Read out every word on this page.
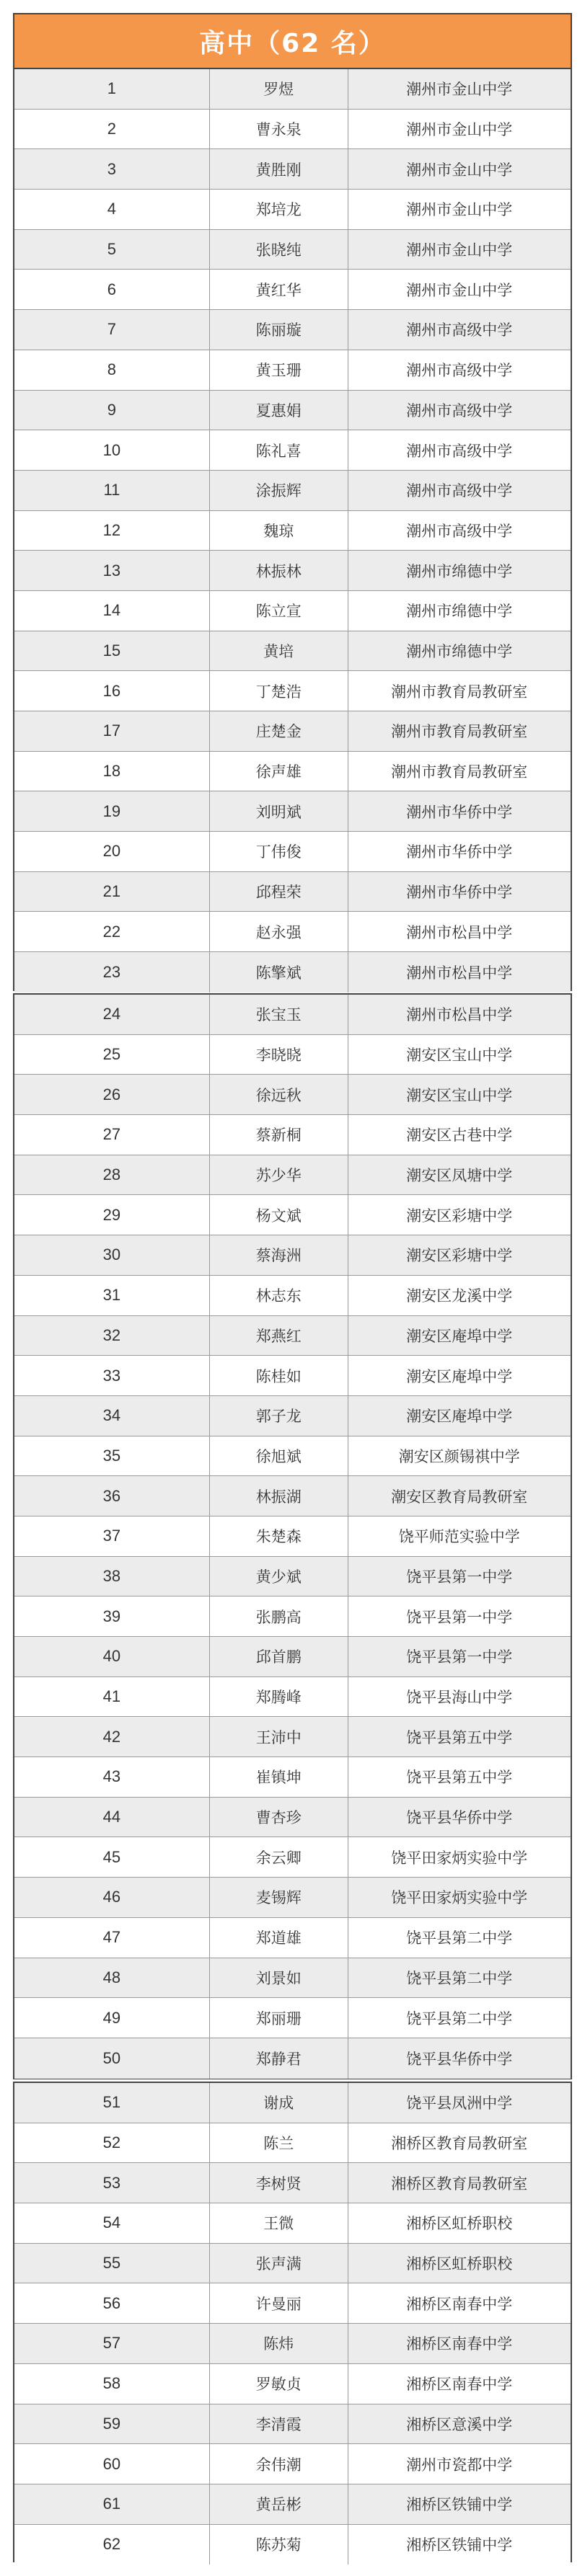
高中（62 名）
1	罗煜	潮州市金山中学
2	曹永泉	潮州市金山中学
3	黄胜刚	潮州市金山中学
4	郑培龙	潮州市金山中学
5	张晓纯	潮州市金山中学
6	黄红华	潮州市金山中学
7	陈丽璇	潮州市高级中学
8	黄玉珊	潮州市高级中学
9	夏惠娟	潮州市高级中学
10	陈礼喜	潮州市高级中学
11	涂振辉	潮州市高级中学
12	魏琼	潮州市高级中学
13	林振林	潮州市绵德中学
14	陈立宣	潮州市绵德中学
15	黄培	潮州市绵德中学
16	丁楚浩	潮州市教育局教研室
17	庄楚金	潮州市教育局教研室
18	徐声雄	潮州市教育局教研室
19	刘明斌	潮州市华侨中学
20	丁伟俊	潮州市华侨中学
21	邱程荣	潮州市华侨中学
22	赵永强	潮州市松昌中学
23	陈擎斌	潮州市松昌中学
24	张宝玉	潮州市松昌中学
25	李晓晓	潮安区宝山中学
26	徐远秋	潮安区宝山中学
27	蔡新桐	潮安区古巷中学
28	苏少华	潮安区凤塘中学
29	杨文斌	潮安区彩塘中学
30	蔡海洲	潮安区彩塘中学
31	林志东	潮安区龙溪中学
32	郑燕红	潮安区庵埠中学
33	陈桂如	潮安区庵埠中学
34	郭子龙	潮安区庵埠中学
35	徐旭斌	潮安区颜锡祺中学
36	林振湖	潮安区教育局教研室
37	朱楚森	饶平师范实验中学
38	黄少斌	饶平县第一中学
39	张鹏高	饶平县第一中学
40	邱首鹏	饶平县第一中学
41	郑腾峰	饶平县海山中学
42	王沛中	饶平县第五中学
43	崔镇坤	饶平县第五中学
44	曹杏珍	饶平县华侨中学
45	余云卿	饶平田家炳实验中学
46	麦锡辉	饶平田家炳实验中学
47	郑道雄	饶平县第二中学
48	刘景如	饶平县第二中学
49	郑丽珊	饶平县第二中学
50	郑静君	饶平县华侨中学
51	谢成	饶平县凤洲中学
52	陈兰	湘桥区教育局教研室
53	李树贤	湘桥区教育局教研室
54	王微	湘桥区虹桥职校
55	张声满	湘桥区虹桥职校
56	许曼丽	湘桥区南春中学
57	陈炜	湘桥区南春中学
58	罗敏贞	湘桥区南春中学
59	李清霞	湘桥区意溪中学
60	余伟潮	潮州市瓷都中学
61	黄岳彬	湘桥区铁铺中学
62	陈苏菊	湘桥区铁铺中学
